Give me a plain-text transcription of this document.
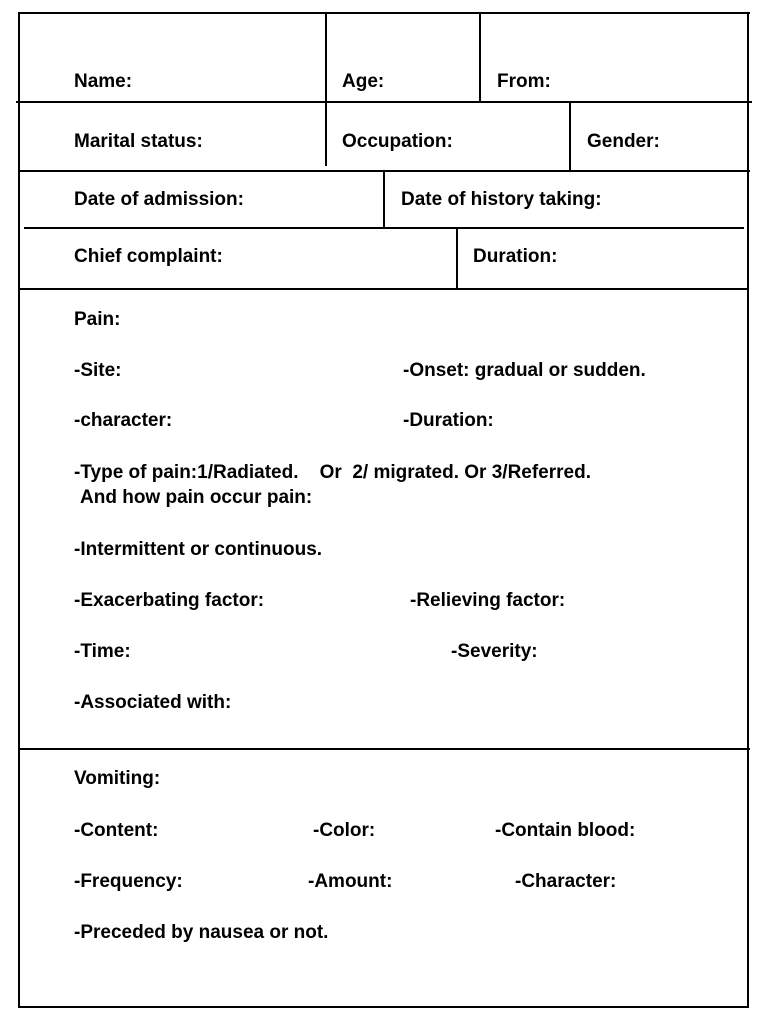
Name:	Age:	From:
Marital status:	Occupation:	Gender:
Date of admission:	Date of history taking:
Chief complaint:	Duration:
Pain:
-Site:	-Onset: gradual or sudden.
-character:	-Duration:
-Type of pain:1/Radiated.    Or  2/ migrated. Or 3/Referred.
And how pain occur pain:
-Intermittent or continuous.
-Exacerbating factor:	-Relieving factor:
-Time:	-Severity:
-Associated with:
Vomiting:
-Content:	-Color:	-Contain blood:
-Frequency:	-Amount:	-Character:
-Preceded by nausea or not.
